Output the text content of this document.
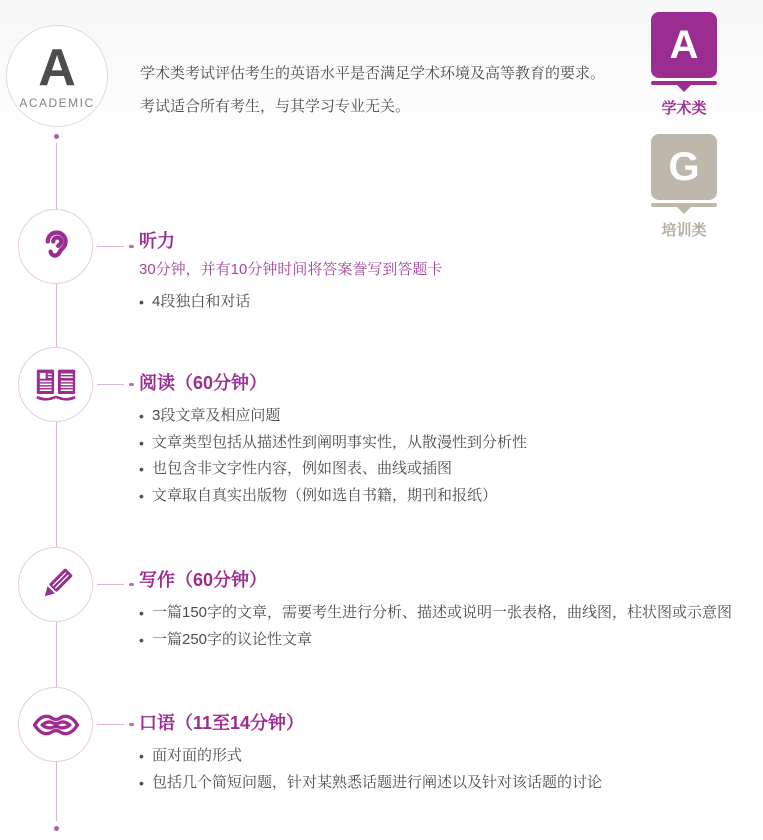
A
ACADEMIC

学术类考试评估考生的英语水平是否满足学术环境及高等教育的要求。考试适合所有考生，与其学习专业无关。

A
学术类
G
培训类
听力

30分钟，并有10分钟时间将答案誊写到答题卡

• 4段独白和对话
阅读（60分钟）
• 3段文章及相应问题
• 文章类型包括从描述性到阐明事实性，从散漫性到分析性
• 也包含非文字性内容，例如图表、曲线或插图
• 文章取自真实出版物（例如选自书籍，期刊和报纸）
写作（60分钟）
• 一篇150字的文章，需要考生进行分析、描述或说明一张表格，曲线图，柱状图或示意图
• 一篇250字的议论性文章
口语（11至14分钟）
• 面对面的形式
• 包括几个简短问题，针对某熟悉话题进行阐述以及针对该话题的讨论
